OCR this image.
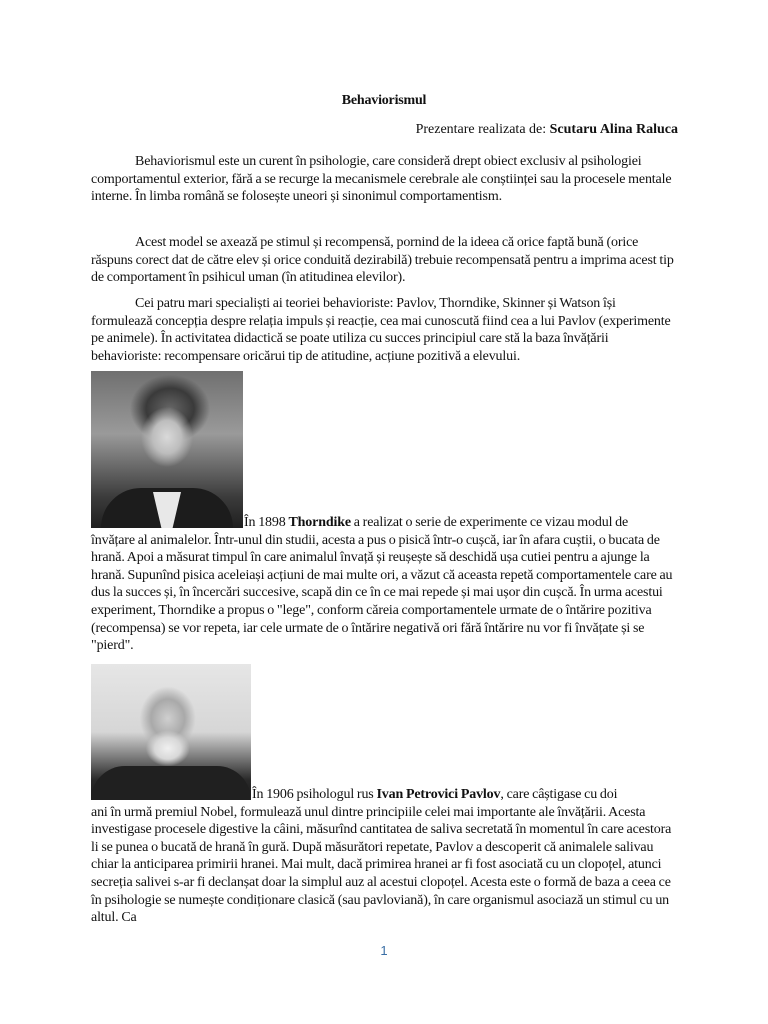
Behaviorismul
Prezentare realizata de: Scutaru Alina Raluca

Behaviorismul este un curent în psihologie, care consideră drept obiect exclusiv al psihologiei comportamentul exterior, fără a se recurge la mecanismele cerebrale ale conștiinței sau la procesele mentale interne. În limba română se folosește uneori și sinonimul comportamentism.

Acest model se axează pe stimul și recompensă, pornind de la ideea că orice faptă bună (orice răspuns corect dat de către elev și orice conduită dezirabilă) trebuie recompensată pentru a imprima acest tip de comportament în psihicul uman (în atitudinea elevilor).

Cei patru mari specialiști ai teoriei behavioriste: Pavlov, Thorndike, Skinner și Watson își formulează concepția despre relația impuls și reacție, cea mai cunoscută fiind cea a lui Pavlov (experimente pe animele). În activitatea didactică se poate utiliza cu succes principiul care stă la baza învățării behavioriste: recompensare oricărui tip de atitudine, acțiune pozitivă a elevului.

În 1898 Thorndike a realizat o serie de experimente ce vizau modul de
învățare al animalelor. Într-unul din studii, acesta a pus o pisică într-o cușcă, iar în afara cuștii, o bucata de hrană. Apoi a măsurat timpul în care animalul învață și reușește să deschidă ușa cutiei pentru a ajunge la hrană. Supunînd pisica aceleiași acțiuni de mai multe ori, a văzut că aceasta repetă comportamentele care au dus la succes și, în încercări succesive, scapă din ce în ce mai repede și mai ușor din cușcă. În urma acestui experiment, Thorndike a propus o "lege", conform căreia comportamentele urmate de o întărire pozitiva (recompensa) se vor repeta, iar cele urmate de o întărire negativă ori fără întărire nu vor fi învățate și se "pierd".
În 1906 psihologul rus Ivan Petrovici Pavlov, care câștigase cu doi
ani în urmă premiul Nobel, formulează unul dintre principiile celei mai importante ale învățării. Acesta investigase procesele digestive la câini, măsurînd cantitatea de saliva secretată în momentul în care acestora li se punea o bucată de hrană în gură. După măsurători repetate, Pavlov a descoperit că animalele salivau chiar la anticiparea primirii hranei. Mai mult, dacă primirea hranei ar fi fost asociată cu un clopoțel, atunci secreția salivei s-ar fi declanșat doar la simplul auz al acestui clopoțel. Acesta este o formă de baza a ceea ce în psihologie se numește condiționare clasică (sau pavloviană), în care organismul asociază un stimul cu un altul. Ca
1
